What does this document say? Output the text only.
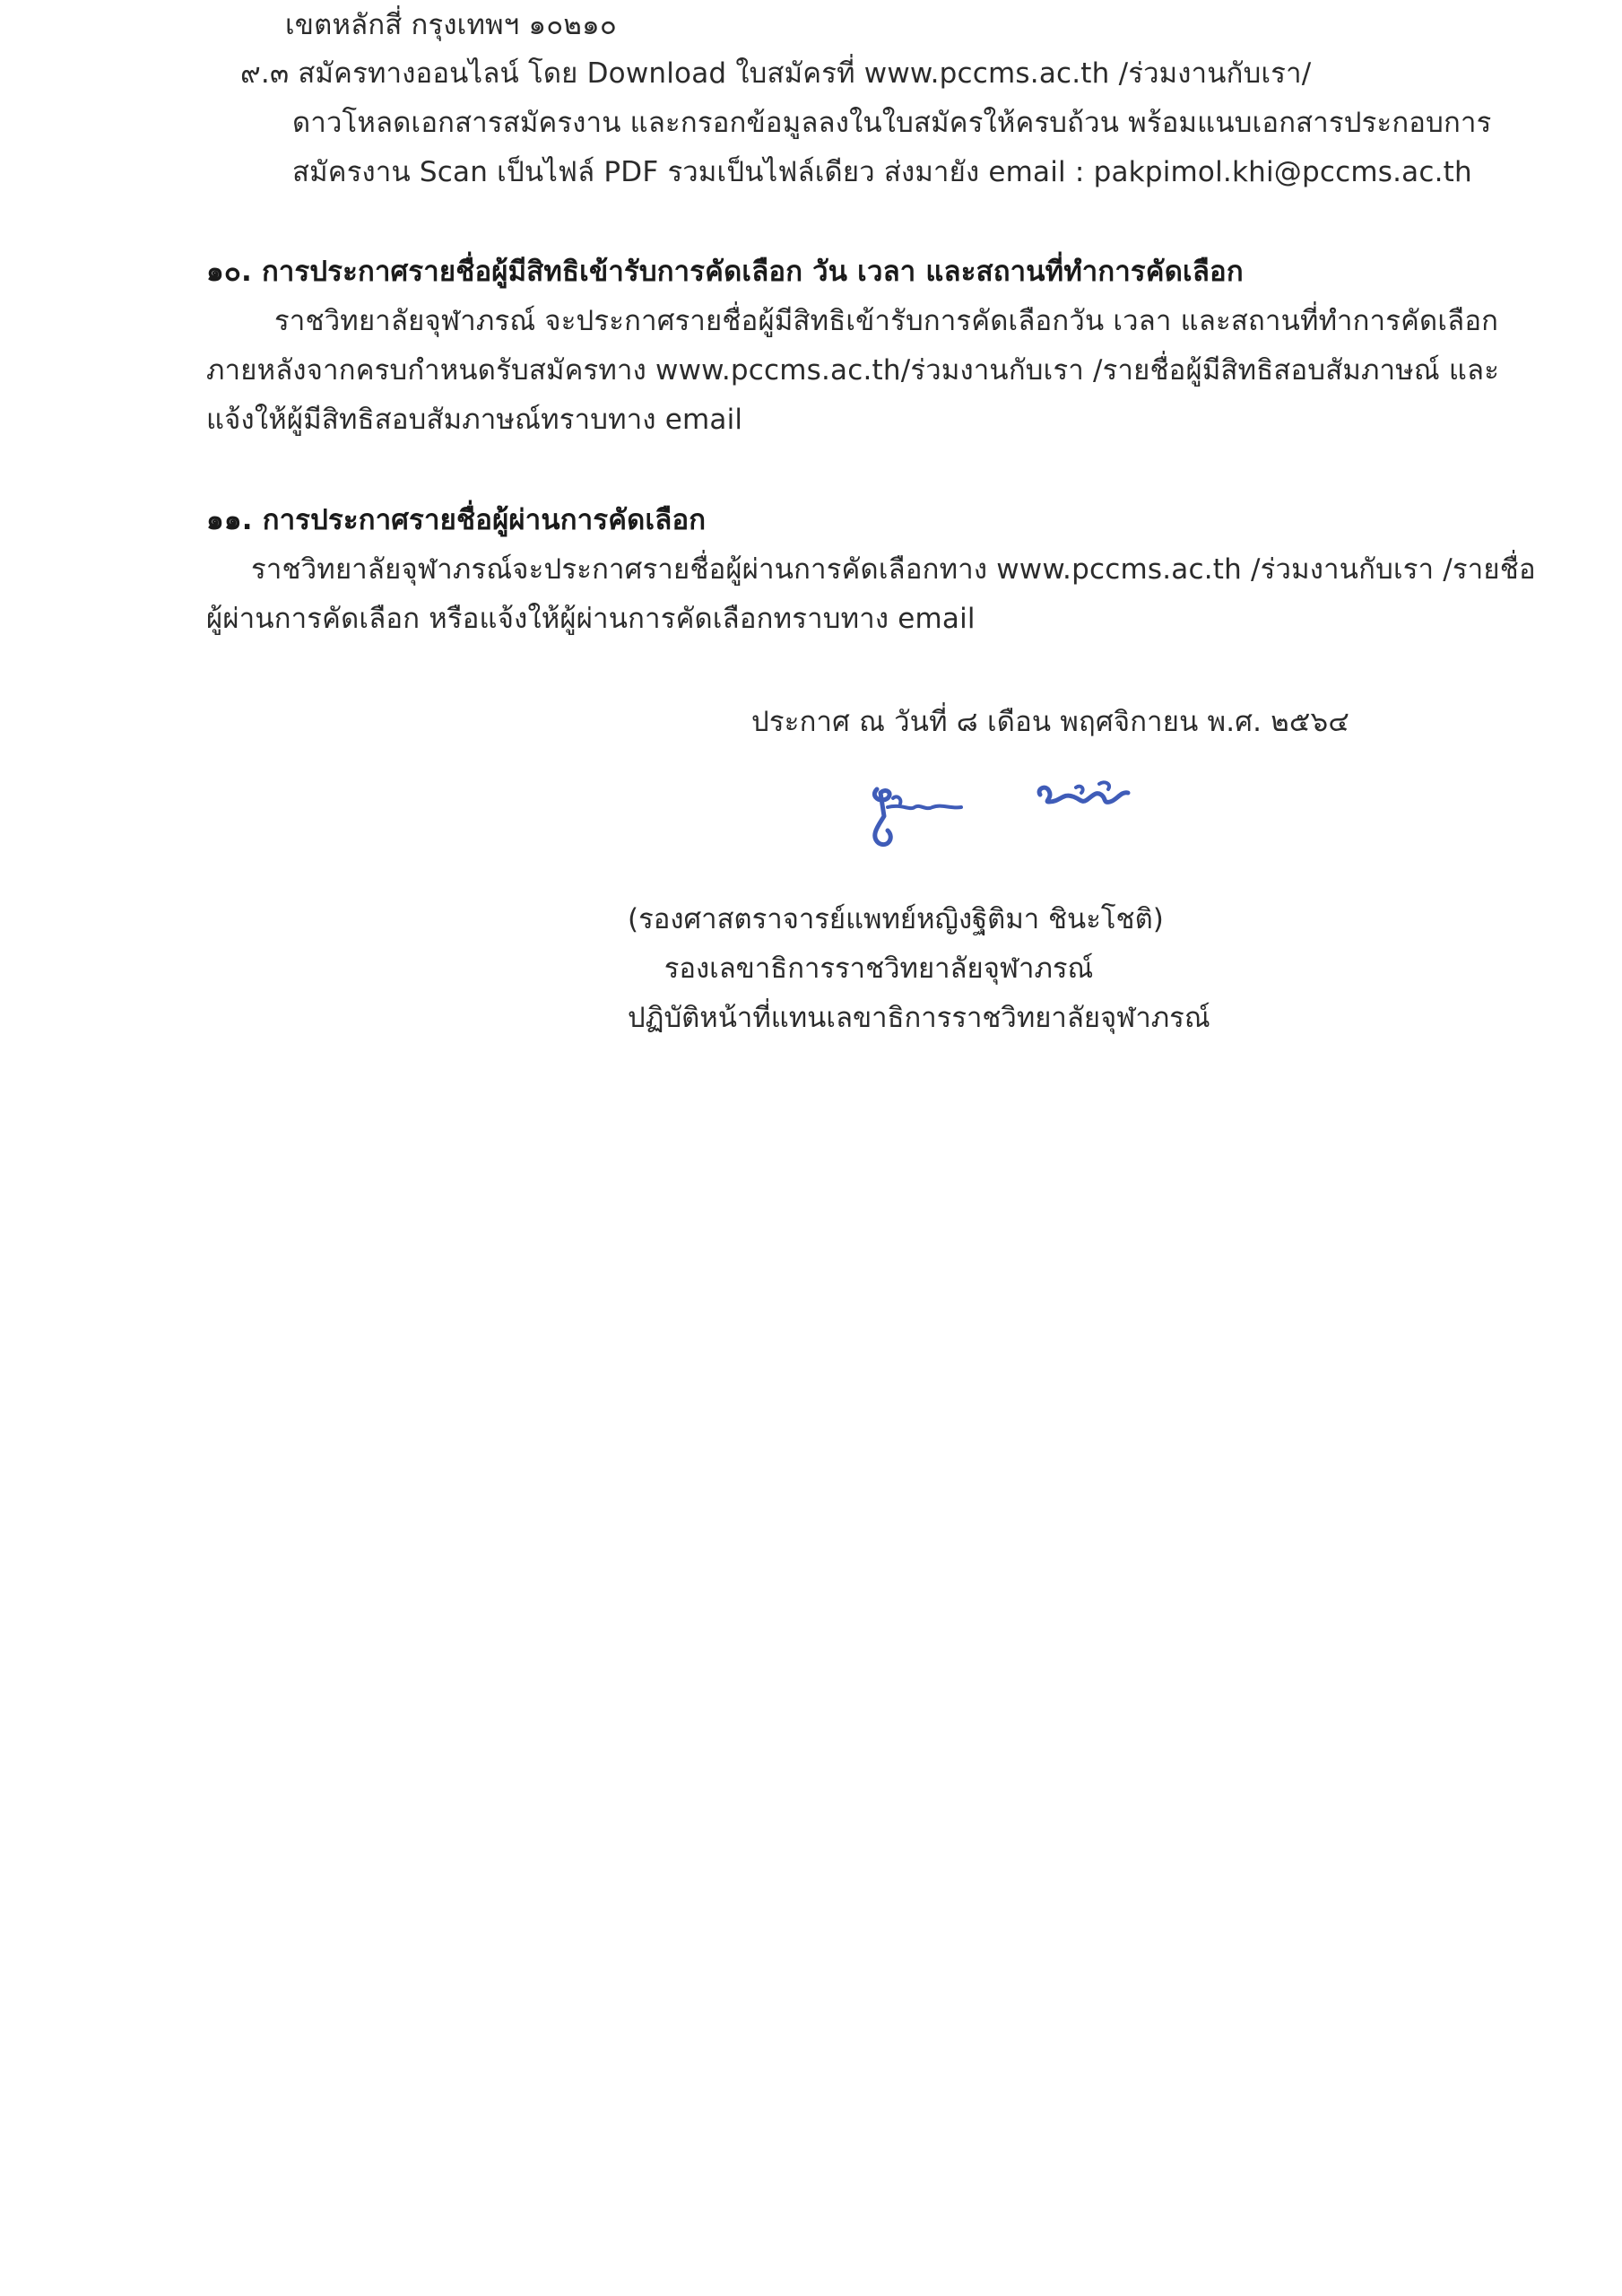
เขตหลักสี่ กรุงเทพฯ ๑๐๒๑๐
๙.๓ สมัครทางออนไลน์ โดย Download ใบสมัครที่ www.pccms.ac.th /ร่วมงานกับเรา/
ดาวโหลดเอกสารสมัครงาน และกรอกข้อมูลลงในใบสมัครให้ครบถ้วน พร้อมแนบเอกสารประกอบการ
สมัครงาน Scan เป็นไฟล์ PDF รวมเป็นไฟล์เดียว ส่งมายัง email : pakpimol.khi@pccms.ac.th
๑๐. การประกาศรายชื่อผู้มีสิทธิเข้ารับการคัดเลือก วัน เวลา และสถานที่ทำการคัดเลือก
ราชวิทยาลัยจุฬาภรณ์ จะประกาศรายชื่อผู้มีสิทธิเข้ารับการคัดเลือกวัน เวลา และสถานที่ทำการคัดเลือก
ภายหลังจากครบกำหนดรับสมัครทาง www.pccms.ac.th/ร่วมงานกับเรา /รายชื่อผู้มีสิทธิสอบสัมภาษณ์ และ
แจ้งให้ผู้มีสิทธิสอบสัมภาษณ์ทราบทาง email
๑๑. การประกาศรายชื่อผู้ผ่านการคัดเลือก
ราชวิทยาลัยจุฬาภรณ์จะประกาศรายชื่อผู้ผ่านการคัดเลือกทาง www.pccms.ac.th /ร่วมงานกับเรา /รายชื่อ
ผู้ผ่านการคัดเลือก หรือแจ้งให้ผู้ผ่านการคัดเลือกทราบทาง email
ประกาศ ณ วันที่ ๘ เดือน พฤศจิกายน พ.ศ. ๒๕๖๔
(รองศาสตราจารย์แพทย์หญิงฐิติมา ชินะโชติ)
รองเลขาธิการราชวิทยาลัยจุฬาภรณ์
ปฏิบัติหน้าที่แทนเลขาธิการราชวิทยาลัยจุฬาภรณ์
